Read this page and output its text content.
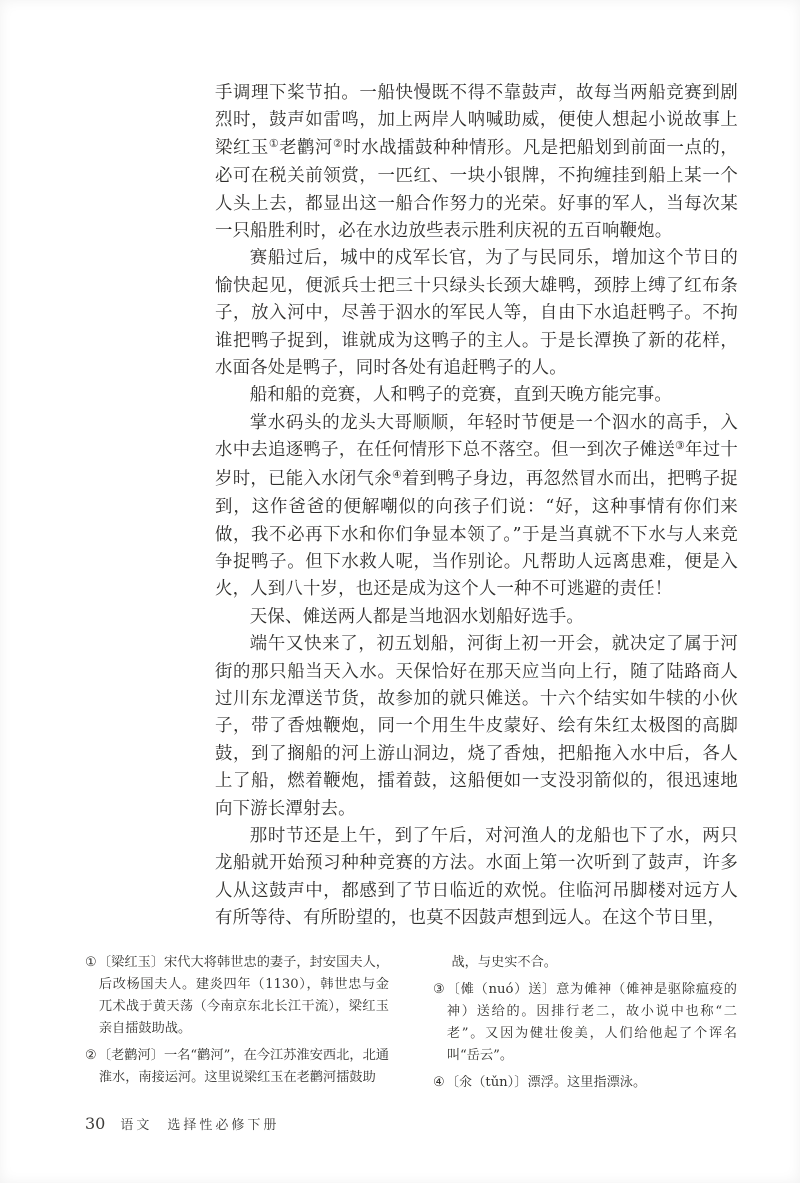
手调理下桨节拍。一船快慢既不得不靠鼓声，故每当两船竞赛到剧烈时，鼓声如雷鸣，加上两岸人呐喊助威，便使人想起小说故事上梁红玉①老鹳河②时水战擂鼓种种情形。凡是把船划到前面一点的，必可在税关前领赏，一匹红、一块小银牌，不拘缠挂到船上某一个人头上去，都显出这一船合作努力的光荣。好事的军人，当每次某一只船胜利时，必在水边放些表示胜利庆祝的五百响鞭炮。

赛船过后，城中的戍军长官，为了与民同乐，增加这个节日的愉快起见，便派兵士把三十只绿头长颈大雄鸭，颈脖上缚了红布条子，放入河中，尽善于泅水的军民人等，自由下水追赶鸭子。不拘谁把鸭子捉到，谁就成为这鸭子的主人。于是长潭换了新的花样，水面各处是鸭子，同时各处有追赶鸭子的人。

船和船的竞赛，人和鸭子的竞赛，直到天晚方能完事。

掌水码头的龙头大哥顺顺，年轻时节便是一个泅水的高手，入水中去追逐鸭子，在任何情形下总不落空。但一到次子傩送③年过十岁时，已能入水闭气氽④着到鸭子身边，再忽然冒水而出，把鸭子捉到，这作爸爸的便解嘲似的向孩子们说：“好，这种事情有你们来做，我不必再下水和你们争显本领了。”于是当真就不下水与人来竞争捉鸭子。但下水救人呢，当作别论。凡帮助人远离患难，便是入火，人到八十岁，也还是成为这个人一种不可逃避的责任！

天保、傩送两人都是当地泅水划船好选手。

端午又快来了，初五划船，河街上初一开会，就决定了属于河街的那只船当天入水。天保恰好在那天应当向上行，随了陆路商人过川东龙潭送节货，故参加的就只傩送。十六个结实如牛犊的小伙子，带了香烛鞭炮，同一个用生牛皮蒙好、绘有朱红太极图的高脚鼓，到了搁船的河上游山洞边，烧了香烛，把船拖入水中后，各人上了船，燃着鞭炮，擂着鼓，这船便如一支没羽箭似的，很迅速地向下游长潭射去。

那时节还是上午，到了午后，对河渔人的龙船也下了水，两只龙船就开始预习种种竞赛的方法。水面上第一次听到了鼓声，许多人从这鼓声中，都感到了节日临近的欢悦。住临河吊脚楼对远方人有所等待、有所盼望的，也莫不因鼓声想到远人。在这个节日里，

①〔梁红玉〕宋代大将韩世忠的妻子，封安国夫人，后改杨国夫人。建炎四年（1130），韩世忠与金兀术战于黄天荡（今南京东北长江干流），梁红玉亲自擂鼓助战。

②〔老鹳河〕一名“鹳河”，在今江苏淮安西北，北通淮水，南接运河。这里说梁红玉在老鹳河擂鼓助

战，与史实不合。

③〔傩（nuó）送〕意为傩神（傩神是驱除瘟疫的神）送给的。因排行老二，故小说中也称“二老”。又因为健壮俊美，人们给他起了个诨名叫“岳云”。

④〔氽（tǔn）〕漂浮。这里指漂泳。

30 语文 选择性必修下册
